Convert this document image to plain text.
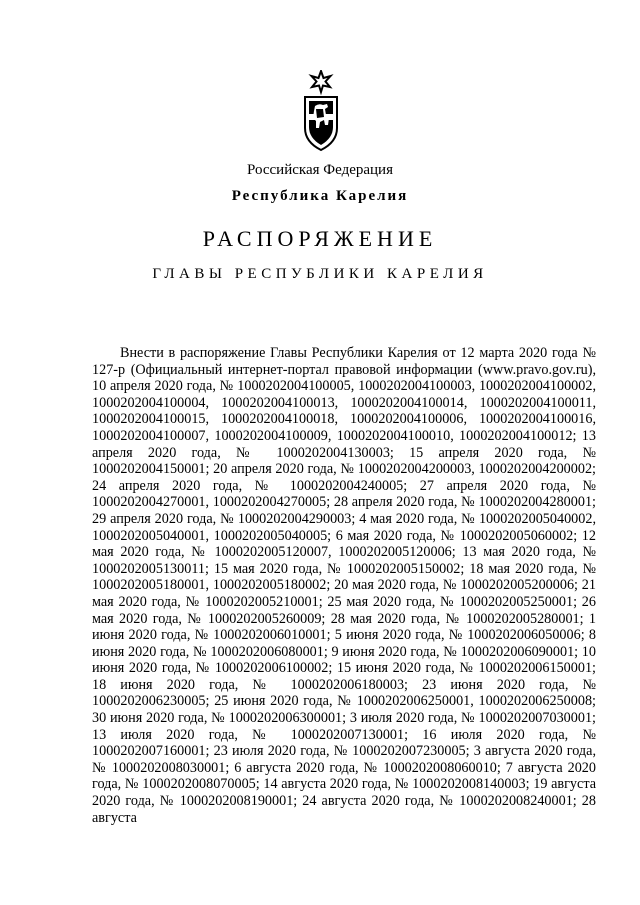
Российская Федерация
Республика Карелия
РАСПОРЯЖЕНИЕ
ГЛАВЫ РЕСПУБЛИКИ КАРЕЛИЯ

Внести в распоряжение Главы Республики Карелия от 12 марта 2020 года № 127-р (Официальный интернет-портал правовой информации (www.pravo.gov.ru), 10 апреля 2020 года, № 1000202004100005, 1000202004100003, 1000202004100002, 1000202004100004, 1000202004100013, 1000202004100014, 1000202004100011, 1000202004100015, 1000202004100018, 1000202004100006, 1000202004100016, 1000202004100007, 1000202004100009, 1000202004100010, 1000202004100012; 13 апреля 2020 года, № 1000202004130003; 15 апреля 2020 года, № 1000202004150001; 20 апреля 2020 года, № 1000202004200003, 1000202004200002; 24 апреля 2020 года, № 1000202004240005; 27 апреля 2020 года, № 1000202004270001, 1000202004270005; 28 апреля 2020 года, № 1000202004280001; 29 апреля 2020 года, № 1000202004290003; 4 мая 2020 года, № 1000202005040002, 1000202005040001, 1000202005040005; 6 мая 2020 года, № 1000202005060002; 12 мая 2020 года, № 1000202005120007, 1000202005120006; 13 мая 2020 года, № 1000202005130011; 15 мая 2020 года, № 1000202005150002; 18 мая 2020 года, № 1000202005180001, 1000202005180002; 20 мая 2020 года, № 1000202005200006; 21 мая 2020 года, № 1000202005210001; 25 мая 2020 года, № 1000202005250001; 26 мая 2020 года, № 1000202005260009; 28 мая 2020 года, № 1000202005280001; 1 июня 2020 года, № 1000202006010001; 5 июня 2020 года, № 1000202006050006; 8 июня 2020 года, № 1000202006080001; 9 июня 2020 года, № 1000202006090001; 10 июня 2020 года, № 1000202006100002; 15 июня 2020 года, № 1000202006150001; 18 июня 2020 года, № 1000202006180003; 23 июня 2020 года, № 1000202006230005; 25 июня 2020 года, № 1000202006250001, 1000202006250008; 30 июня 2020 года, № 1000202006300001; 3 июля 2020 года, № 1000202007030001; 13 июля 2020 года, № 1000202007130001; 16 июля 2020 года, № 1000202007160001; 23 июля 2020 года, № 1000202007230005; 3 августа 2020 года, № 1000202008030001; 6 августа 2020 года, № 1000202008060010; 7 августа 2020 года, № 1000202008070005; 14 августа 2020 года, № 1000202008140003; 19 августа 2020 года, № 1000202008190001; 24 августа 2020 года, № 1000202008240001; 28 августа
